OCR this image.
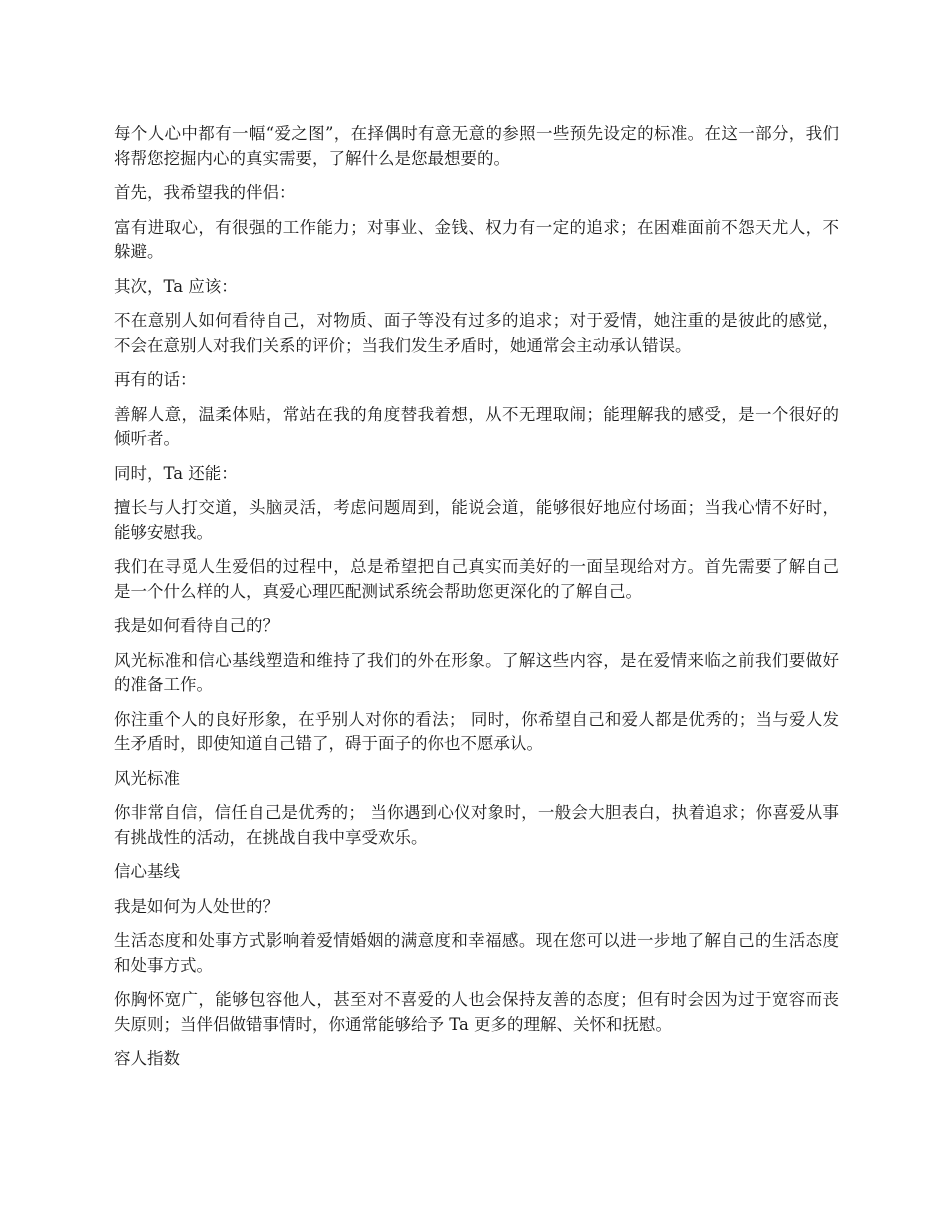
每个人心中都有一幅“爱之图”，在择偶时有意无意的参照一些预先设定的标准。在这一部分，我们将帮您挖掘内心的真实需要，了解什么是您最想要的。

首先，我希望我的伴侣：

富有进取心，有很强的工作能力；对事业、金钱、权力有一定的追求；在困难面前不怨天尤人，不躲避。

其次，Ta 应该：

不在意别人如何看待自己，对物质、面子等没有过多的追求；对于爱情，她注重的是彼此的感觉，不会在意别人对我们关系的评价；当我们发生矛盾时，她通常会主动承认错误。

再有的话：

善解人意，温柔体贴，常站在我的角度替我着想，从不无理取闹；能理解我的感受，是一个很好的倾听者。

同时，Ta 还能：

擅长与人打交道，头脑灵活，考虑问题周到，能说会道，能够很好地应付场面；当我心情不好时，能够安慰我。

我们在寻觅人生爱侣的过程中，总是希望把自己真实而美好的一面呈现给对方。首先需要了解自己是一个什么样的人，真爱心理匹配测试系统会帮助您更深化的了解自己。

我是如何看待自己的？

风光标准和信心基线塑造和维持了我们的外在形象。了解这些内容，是在爱情来临之前我们要做好的准备工作。

你注重个人的良好形象，在乎别人对你的看法； 同时，你希望自己和爱人都是优秀的；当与爱人发生矛盾时，即使知道自己错了，碍于面子的你也不愿承认。

风光标准

你非常自信，信任自己是优秀的； 当你遇到心仪对象时，一般会大胆表白，执着追求；你喜爱从事有挑战性的活动，在挑战自我中享受欢乐。

信心基线

我是如何为人处世的？

生活态度和处事方式影响着爱情婚姻的满意度和幸福感。现在您可以进一步地了解自己的生活态度和处事方式。

你胸怀宽广，能够包容他人，甚至对不喜爱的人也会保持友善的态度；但有时会因为过于宽容而丧失原则；当伴侣做错事情时，你通常能够给予 Ta 更多的理解、关怀和抚慰。

容人指数
